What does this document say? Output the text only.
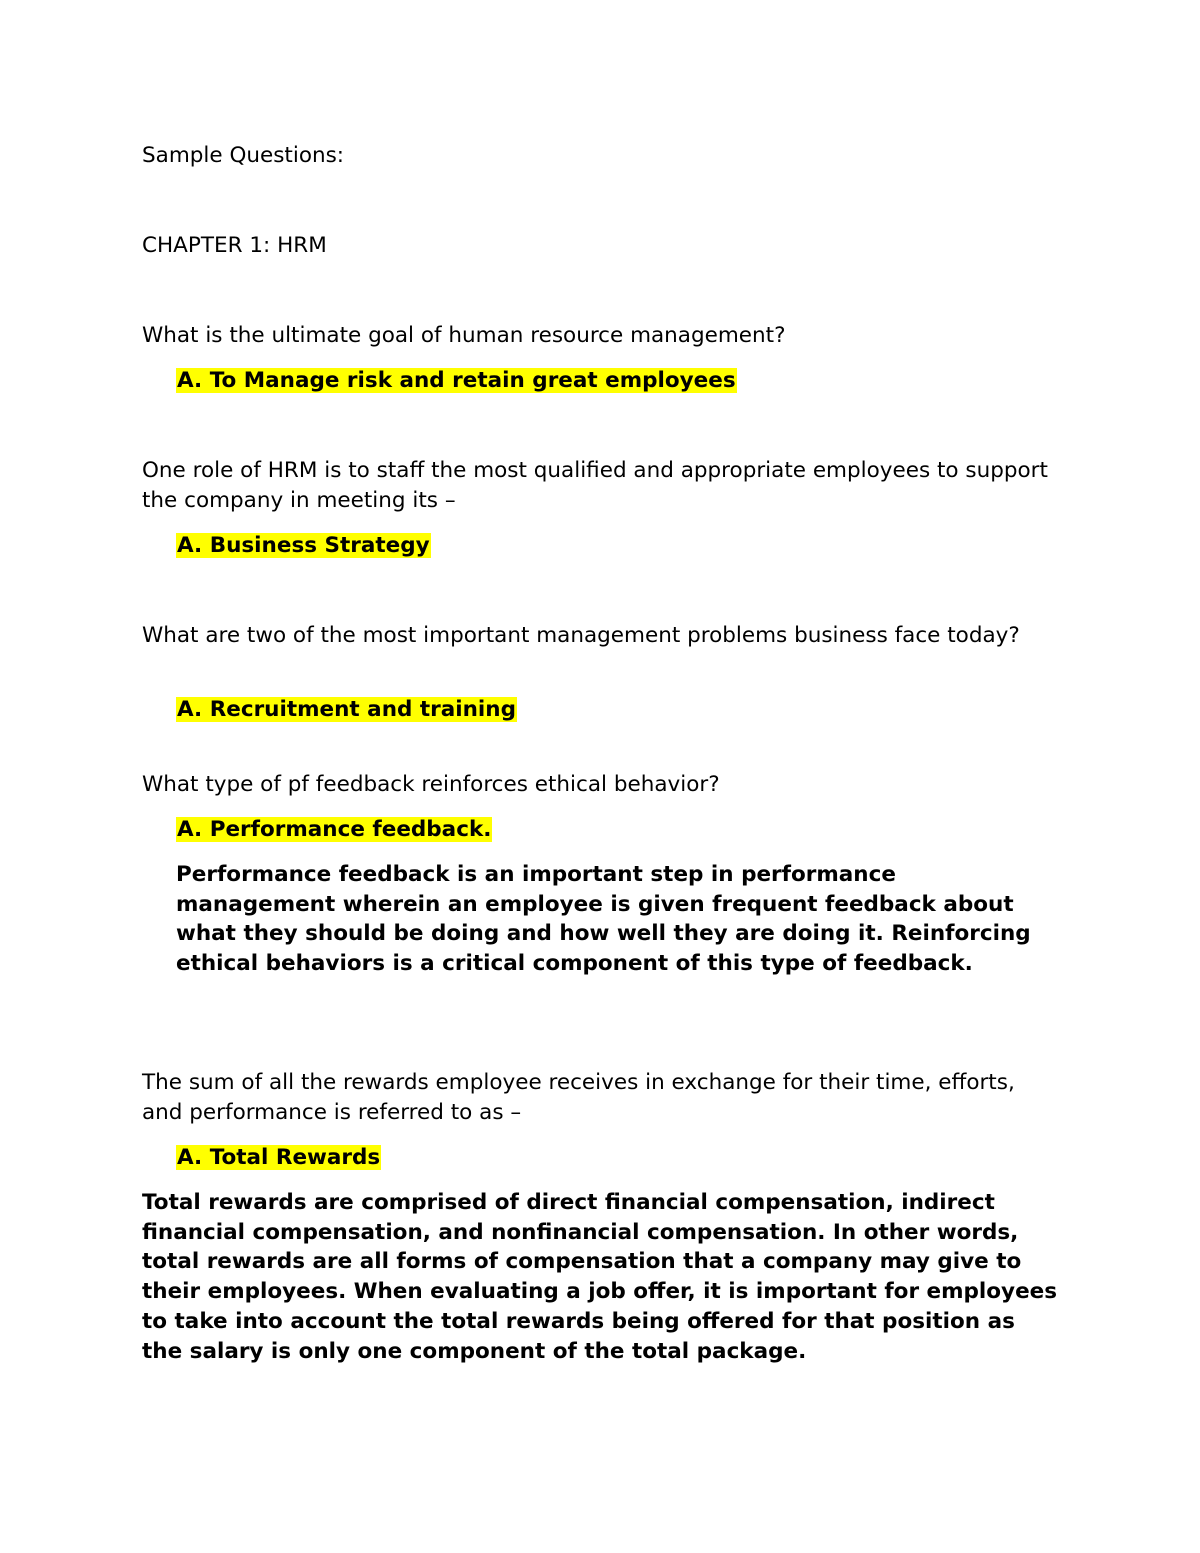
Sample Questions:
CHAPTER 1: HRM
What is the ultimate goal of human resource management?
A. To Manage risk and retain great employees
One role of HRM is to staff the most qualified and appropriate employees to support the company in meeting its –
A. Business Strategy
What are two of the most important management problems business face today?
A. Recruitment and training
What type of pf feedback reinforces ethical behavior?
A. Performance feedback.
Performance feedback is an important step in performance management wherein an employee is given frequent feedback about what they should be doing and how well they are doing it. Reinforcing ethical behaviors is a critical component of this type of feedback.
The sum of all the rewards employee receives in exchange for their time, efforts, and performance is referred to as –
A. Total Rewards
Total rewards are comprised of direct financial compensation, indirect financial compensation, and nonfinancial compensation. In other words, total rewards are all forms of compensation that a company may give to their employees. When evaluating a job offer, it is important for employees to take into account the total rewards being offered for that position as the salary is only one component of the total package.
